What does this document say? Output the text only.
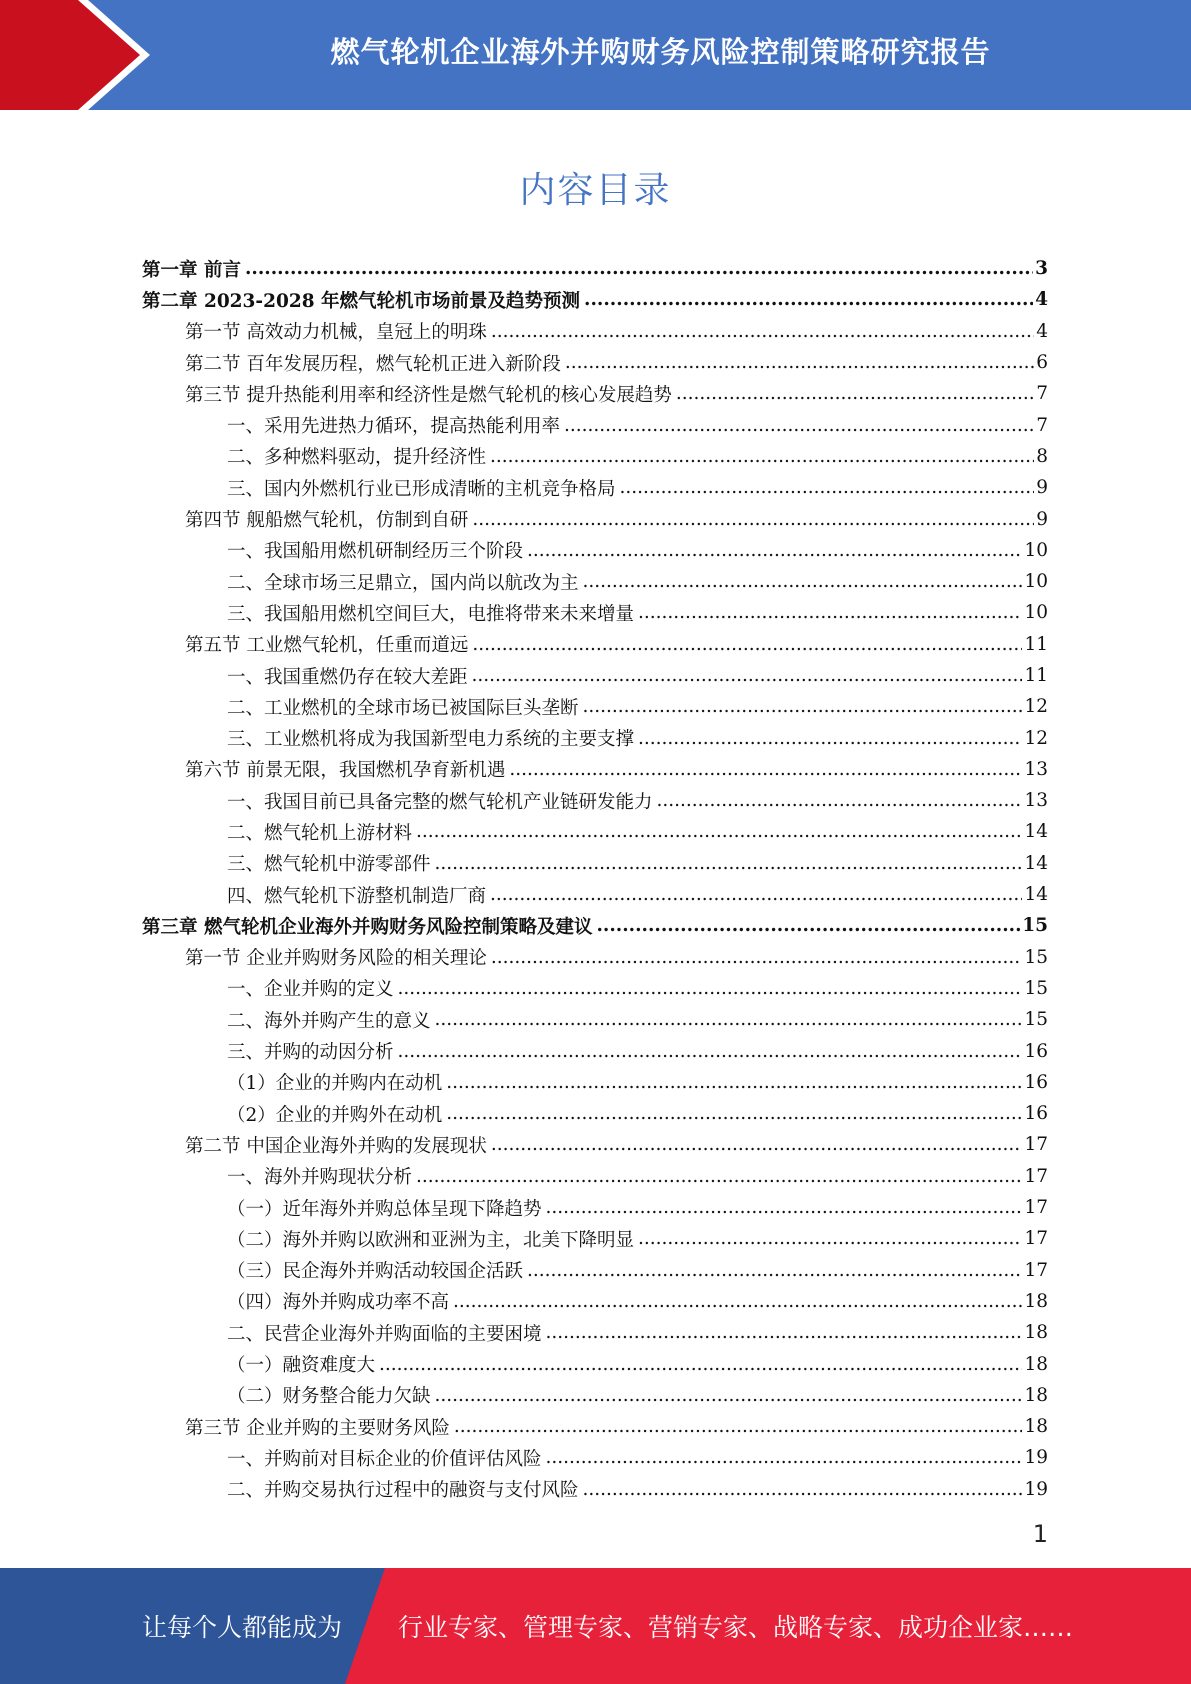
燃气轮机企业海外并购财务风险控制策略研究报告
内容目录
第一章 前言 .....	3
第二章 2023-2028 年燃气轮机市场前景及趋势预测 .....	4
第一节 高效动力机械，皇冠上的明珠 .....	4
第二节 百年发展历程，燃气轮机正进入新阶段 .....	6
第三节 提升热能利用率和经济性是燃气轮机的核心发展趋势 .....	7
一、采用先进热力循环，提高热能利用率 .....	7
二、多种燃料驱动，提升经济性 .....	8
三、国内外燃机行业已形成清晰的主机竞争格局 .....	9
第四节 舰船燃气轮机，仿制到自研 .....	9
一、我国船用燃机研制经历三个阶段 .....	10
二、全球市场三足鼎立，国内尚以航改为主 .....	10
三、我国船用燃机空间巨大，电推将带来未来增量 .....	10
第五节 工业燃气轮机，任重而道远 .....	11
一、我国重燃仍存在较大差距 .....	11
二、工业燃机的全球市场已被国际巨头垄断 .....	12
三、工业燃机将成为我国新型电力系统的主要支撑 .....	12
第六节 前景无限，我国燃机孕育新机遇 .....	13
一、我国目前已具备完整的燃气轮机产业链研发能力 .....	13
二、燃气轮机上游材料 .....	14
三、燃气轮机中游零部件 .....	14
四、燃气轮机下游整机制造厂商 .....	14
第三章 燃气轮机企业海外并购财务风险控制策略及建议 .....	15
第一节 企业并购财务风险的相关理论 .....	15
一、企业并购的定义 .....	15
二、海外并购产生的意义 .....	15
三、并购的动因分析 .....	16
（1）企业的并购内在动机 .....	16
（2）企业的并购外在动机 .....	16
第二节 中国企业海外并购的发展现状 .....	17
一、海外并购现状分析 .....	17
（一）近年海外并购总体呈现下降趋势 .....	17
（二）海外并购以欧洲和亚洲为主，北美下降明显 .....	17
（三）民企海外并购活动较国企活跃 .....	17
（四）海外并购成功率不高 .....	18
二、民营企业海外并购面临的主要困境 .....	18
（一）融资难度大 .....	18
（二）财务整合能力欠缺 .....	18
第三节 企业并购的主要财务风险 .....	18
一、并购前对目标企业的价值评估风险 .....	19
二、并购交易执行过程中的融资与支付风险 .....	19
1
让每个人都能成为 行业专家、管理专家、营销专家、战略专家、成功企业家……
